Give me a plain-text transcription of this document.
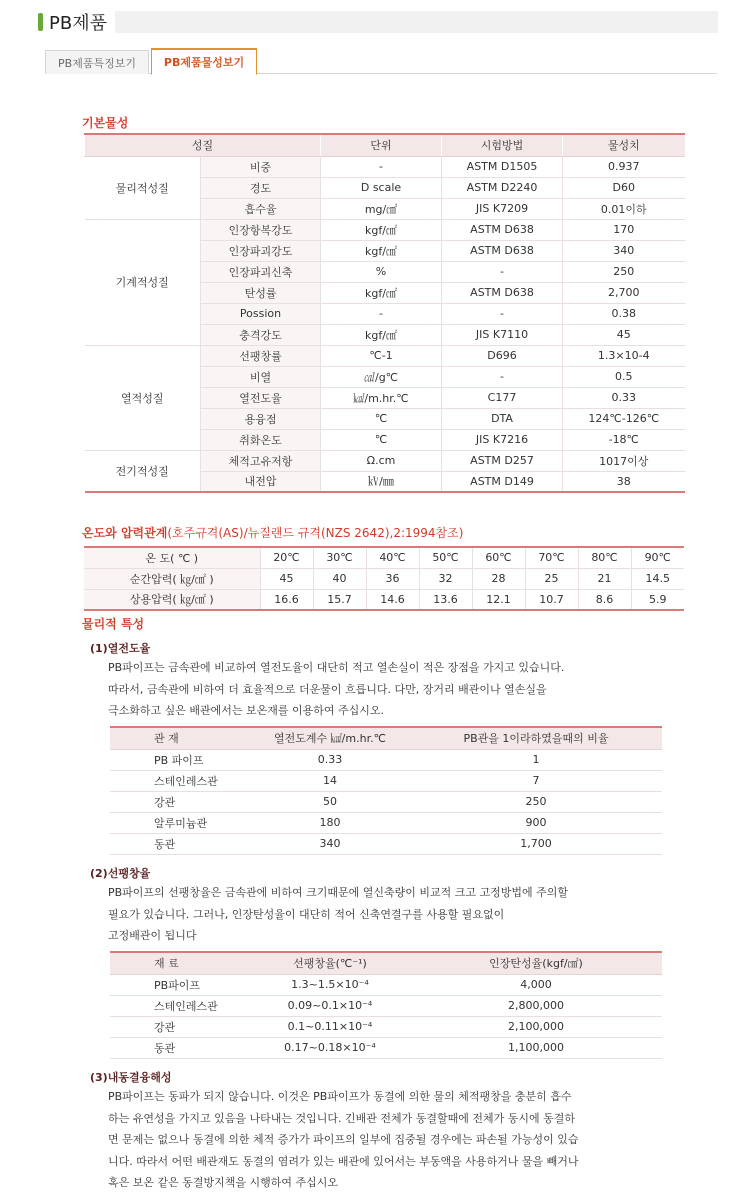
PB제품
PB제품특징보기	PB제품물성보기
기본물성
성질		단위	시험방법	물성치
물리적성질	비중	-	ASTM D1505	0.937
	경도	D scale	ASTM D2240	D60
	흡수율	mg/㎠	JIS K7209	0.01이하
기계적성질	인장항복강도	kgf/㎠	ASTM D638	170
	인장파괴강도	kgf/㎠	ASTM D638	340
	인장파괴신축	%	-	250
	탄성률	kgf/㎠	ASTM D638	2,700
	Possion	-	-	0.38
	충격강도	kgf/㎠	JIS K7110	45
열적성질	선팽창률	℃-1	D696	1.3×10-4
	비열	㎈/g℃	-	0.5
	열전도율	㎉/m.hr.℃	C177	0.33
	용융점	℃	DTA	124℃-126℃
	취화온도	℃	JIS K7216	-18℃
전기적성질	체적고유저항	Ω.cm	ASTM D257	1017이상
	내전압	㎸/㎜	ASTM D149	38
온도와 압력관계(호주규격(AS)/뉴질랜드 규격(NZS 2642),2:1994참조)
온 도( ℃ )	20℃	30℃	40℃	50℃	60℃	70℃	80℃	90℃
순간압력( ㎏/㎠ )	45	40	36	32	28	25	21	14.5
상용압력( ㎏/㎠ )	16.6	15.7	14.6	13.6	12.1	10.7	8.6	5.9
물리적 특성
(1)열전도율
PB파이프는 금속관에 비교하여 열전도율이 대단히 적고 열손실이 적은 장점을 가지고 있습니다.
따라서, 금속관에 비하여 더 효율적으로 더운물이 흐릅니다. 다만, 장거리 배관이나 열손실을
극소화하고 싶은 배관에서는 보온재를 이용하여 주십시오.
관 재	열전도계수 ㎉/m.hr.℃	PB관을 1이라하였을때의 비율
PB 파이프	0.33	1
스테인레스관	14	7
강관	50	250
알루미늄관	180	900
동관	340	1,700
(2)선팽창율
PB파이프의 선팽창율은 금속관에 비하여 크기때문에 열신축량이 비교적 크고 고정방법에 주의할
필요가 있습니다. 그러나, 인장탄성율이 대단히 적어 신축연결구를 사용할 필요없이
고정배관이 됩니다
재 료	선팽창율(℃⁻¹)	인장탄성율(kgf/㎠)
PB파이프	1.3~1.5×10⁻⁴	4,000
스테인레스관	0.09~0.1×10⁻⁴	2,800,000
강관	0.1~0.11×10⁻⁴	2,100,000
동관	0.17~0.18×10⁻⁴	1,100,000
(3)내동결융해성
PB파이프는 동파가 되지 않습니다. 이것은 PB파이프가 동결에 의한 물의 체적팽창을 충분히 흡수
하는 유연성을 가지고 있음을 나타내는 것입니다. 긴배관 전체가 동결할때에 전체가 동시에 동결하
면 문제는 없으나 동결에 의한 체적 증가가 파이프의 일부에 집중될 경우에는 파손될 가능성이 있습
니다. 따라서 어떤 배관재도 동결의 염려가 있는 배관에 있어서는 부동액을 사용하거나 물을 빼거나
혹은 보온 같은 동결방지책을 시행하여 주십시오
